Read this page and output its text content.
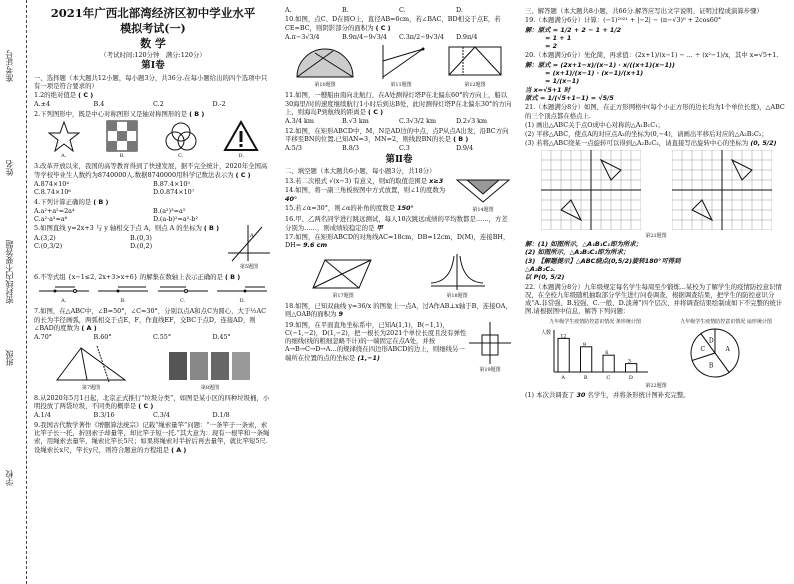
准考证号
姓名
密封线内不要答题
班级
学校
2021年广西北部湾经济区初中学业水平
模拟考试(一)
数 学
（考试时间:120分钟　满分:120分）
第Ⅰ卷
一、选择题（本大题共12小题，每小题3分，共36分.在每小题给出的四个选项中只有一项是符合要求的）
1.2的绝对值是 ( C )
A.±4	B.4	C.2	D.-2
2.下列图形中，既是中心对称图形又是轴对称图形的是 ( B )
A.	B.	C.	D.
3.改革开放以来，我国的高等教育得到了快速发展，据不完全统计，2020年全国高等学校毕业生人数约为8740000人.数据8740000用科学记数法表示为 ( C )
A.874×10⁴	B.87.4×10⁵
C.8.74×10⁶	D.0.874×10⁷
4.下列计算正确的是 ( B )
A.a²+a²=2a⁴	B.(a²)³=a⁵
C.a²·a³=a⁶	D.(a-b)²=a²-b²
5.如图直线 y=2x+3 与 y 轴相交于点 A，则点 A 的坐标为 ( B )
A.(3,2)	B.(0,3)
C.(0,3/2)	D.(0,2)
A
第5题图
6.不等式组 {x−1≤2, 2x+3>x+6} 的解集在数轴上表示正确的是 ( B )
A.	B.	C.	D.
7.如图，在△ABC中，∠B=50°，∠C=30°，分别以点A和点C为圆心，大于½AC的长为半径画弧，两弧相交于点E，F，作直线EF，交BC于点D，连接AD，则∠BAD的度数为 ( A )
A.70°	B.60°	C.55°	D.45°
第7题图	第8题图
8.从2020年5月1日起，北京正式推行“垃圾分类”，如图是某小区的四种垃圾桶，小明投放了两袋垃圾，不同类的概率是 ( C )
A.1/4	B.3/16	C.3/4	D.1/8
9.我国古代数学著作《增删算法统宗》记载“绳索量竿”问题：“一条竿子一条索，索比竿子长一托，折回索子却量竿，却比竿子短一托.”其大意为：现有一根竿和一条绳索，用绳索去量竿，绳索比竿长5尺；如果将绳索对半折后再去量竿，就比竿短5尺.设绳索长x尺，竿长y尺，则符合题意的方程组是 ( A )
A.	B.	C.	D.
10.如图，点C、D在圆O上，直径AB=6cm，若∠BAC，BD相交于点E，若CE=BC，则阴影部分的面积为 ( C )
A.π−3√3/4	B.9π/4−9√3/4	C.3π/2−9√3/4	D.9π/4
第10题图	第11题图	第12题图
11.如图，一艘船由南向北航行，在A处测得灯塔P在北偏东60°的方向上，船以30海里/时的速度继续航行1小时后到达B处，此时测得灯塔P在北偏东30°的方向上，则海岛P到航线的距离是 ( C )
A.3/4 km	B.√3 km	C.3√3/2 km	D.2√3 km
12.如图，在矩形ABCD中，M，N是AD边的中点，点P从点A出发，沿BC方向平移至BN的位置.已知AN=3，MN=2，则线段BN的长是 ( B )
A.5/3	B.8/3	C.3	D.9/4
第Ⅱ卷
二、填空题（本大题共6小题，每小题3分，共18分）
13.若二次根式 √(x−3) 有意义，则x的取值范围是 x≥3
14.如图，将一副三角板按图中方式放置，则∠1的度数为 40°
15.若∠α=30°，则∠α的补角的度数是 150°	第14题图
16.甲、乙两名同学进行跳远测试，每人10次跳远成绩的平均数都是……，方差分别为……，则成绩较稳定的是 甲
17.如图，在矩形ABCD的对角线AC=18cm，DB=12cm，D(M)，连接BH，DH= 9.6 cm
第17题图	第18题图
18.如图，已知双曲线 y=36/x 的图象上一点A，过A作AB⊥x轴于B，连接OA，则△OAB的面积为 9
19.如图，在平面直角坐标系中，已知A(1,1)，B(−1,1)，C(−1,−2)，D(1,−2)，把一根长为2021个单位长度且没有弹性的细线(线的粗细忽略不计)的一端固定在点A处，并按A→B→C→D→A…的规律绕在四边形ABCD的边上，则细线另一端所在位置的点的坐标是 (1,−1)
第19题图
三、解答题（本大题共8小题，共66分.解答应写出文字说明、证明过程或演算步骤）
19.（本题满分6分）计算：(−1)²⁰²¹ + |−2| − (π−√3)⁰ + 2cos60°
解：原式 = 1/2 + 2 − 1 + 1/2
= 1 + 1
= 2
20.（本题满分6分）先化简，再求值：(2x+1)/(x−1) − ... ÷ (x²−1)/x，其中 x=√5+1.
解：原式 = (2x+1−x)/(x−1) · x/((x+1)(x−1))
= (x+1)/(x−1) · (x−1)/(x+1)
= 1/(x−1)
当 x=√5+1 时
原式 = 1/(√5+1−1) = √5/5
21.（本题满分8分）如图，在正方形网格中(每个小正方形的边长均为1个单位长度)，△ABC的三个顶点都在格点上.
(1) 画出△ABC关于点O成中心对称的△A₁B₁C₁；
(2) 平移△ABC，使点A的对应点A₂的坐标为(0,−4)，请画出平移后对应的△A₂B₂C₂；
(3) 若将△ABC绕某一点旋转可以得到△A₂B₂C₂，请直接写出旋转中心的坐标为 (0, 5/2)
第21题图
解：(1) 如图所示，△A₁B₁C₁即为所求；
(2) 如图所示，△A₂B₂C₂即为所求；
(3) 【解题提示】△ABC绕点(0,5/2)旋转180°可得到
△A₂B₂C₂.
以 P(0, 5/2)
22.（本题满分8分）九年级规定每名学生每周至少锻炼...某校为了解学生的疫情防控意识情况，在全校九年级随机抽取部分学生进行问卷调查，根据调查结果，把学生的防控意识分成“A.非常强、B.较强、C.一般、D.淡薄”四个层次，并将调查结果绘制成如下不完整的统计图.请根据图中信息，解答下列问题：
九年级学生疫情防控意识情况 条形统计图
人数
A
12
B
9
C
6
D
3
九年级学生疫情防控意识情况 扇形统计图
A
B
C
D
第22题图
(1) 本次共调查了 30 名学生，并将条形统计图补充完整。
